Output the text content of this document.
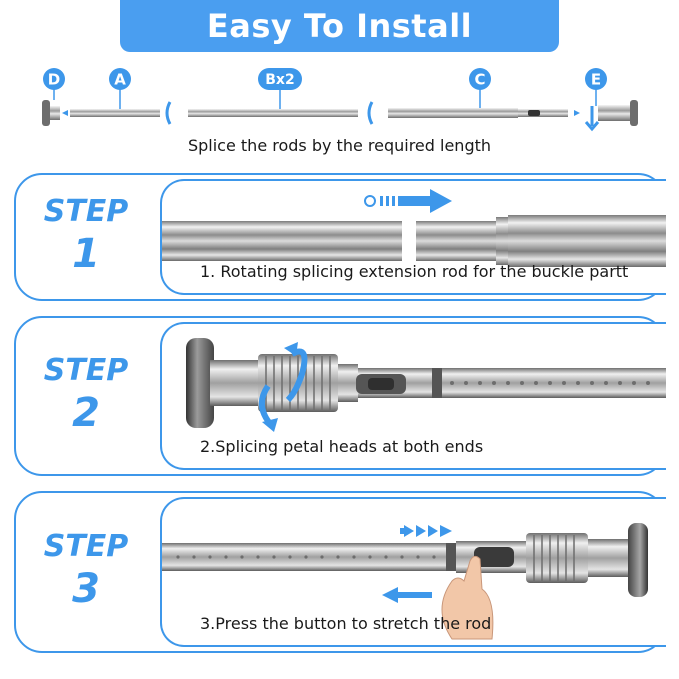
Easy To Install
D	A	Bx2	C	E
Splice the rods by the required length
STEP
1	1. Rotating splicing extension rod for the buckle partt
STEP
2
2.Splicing petal heads at both ends
STEP
3
3.Press the button to stretch the rod
